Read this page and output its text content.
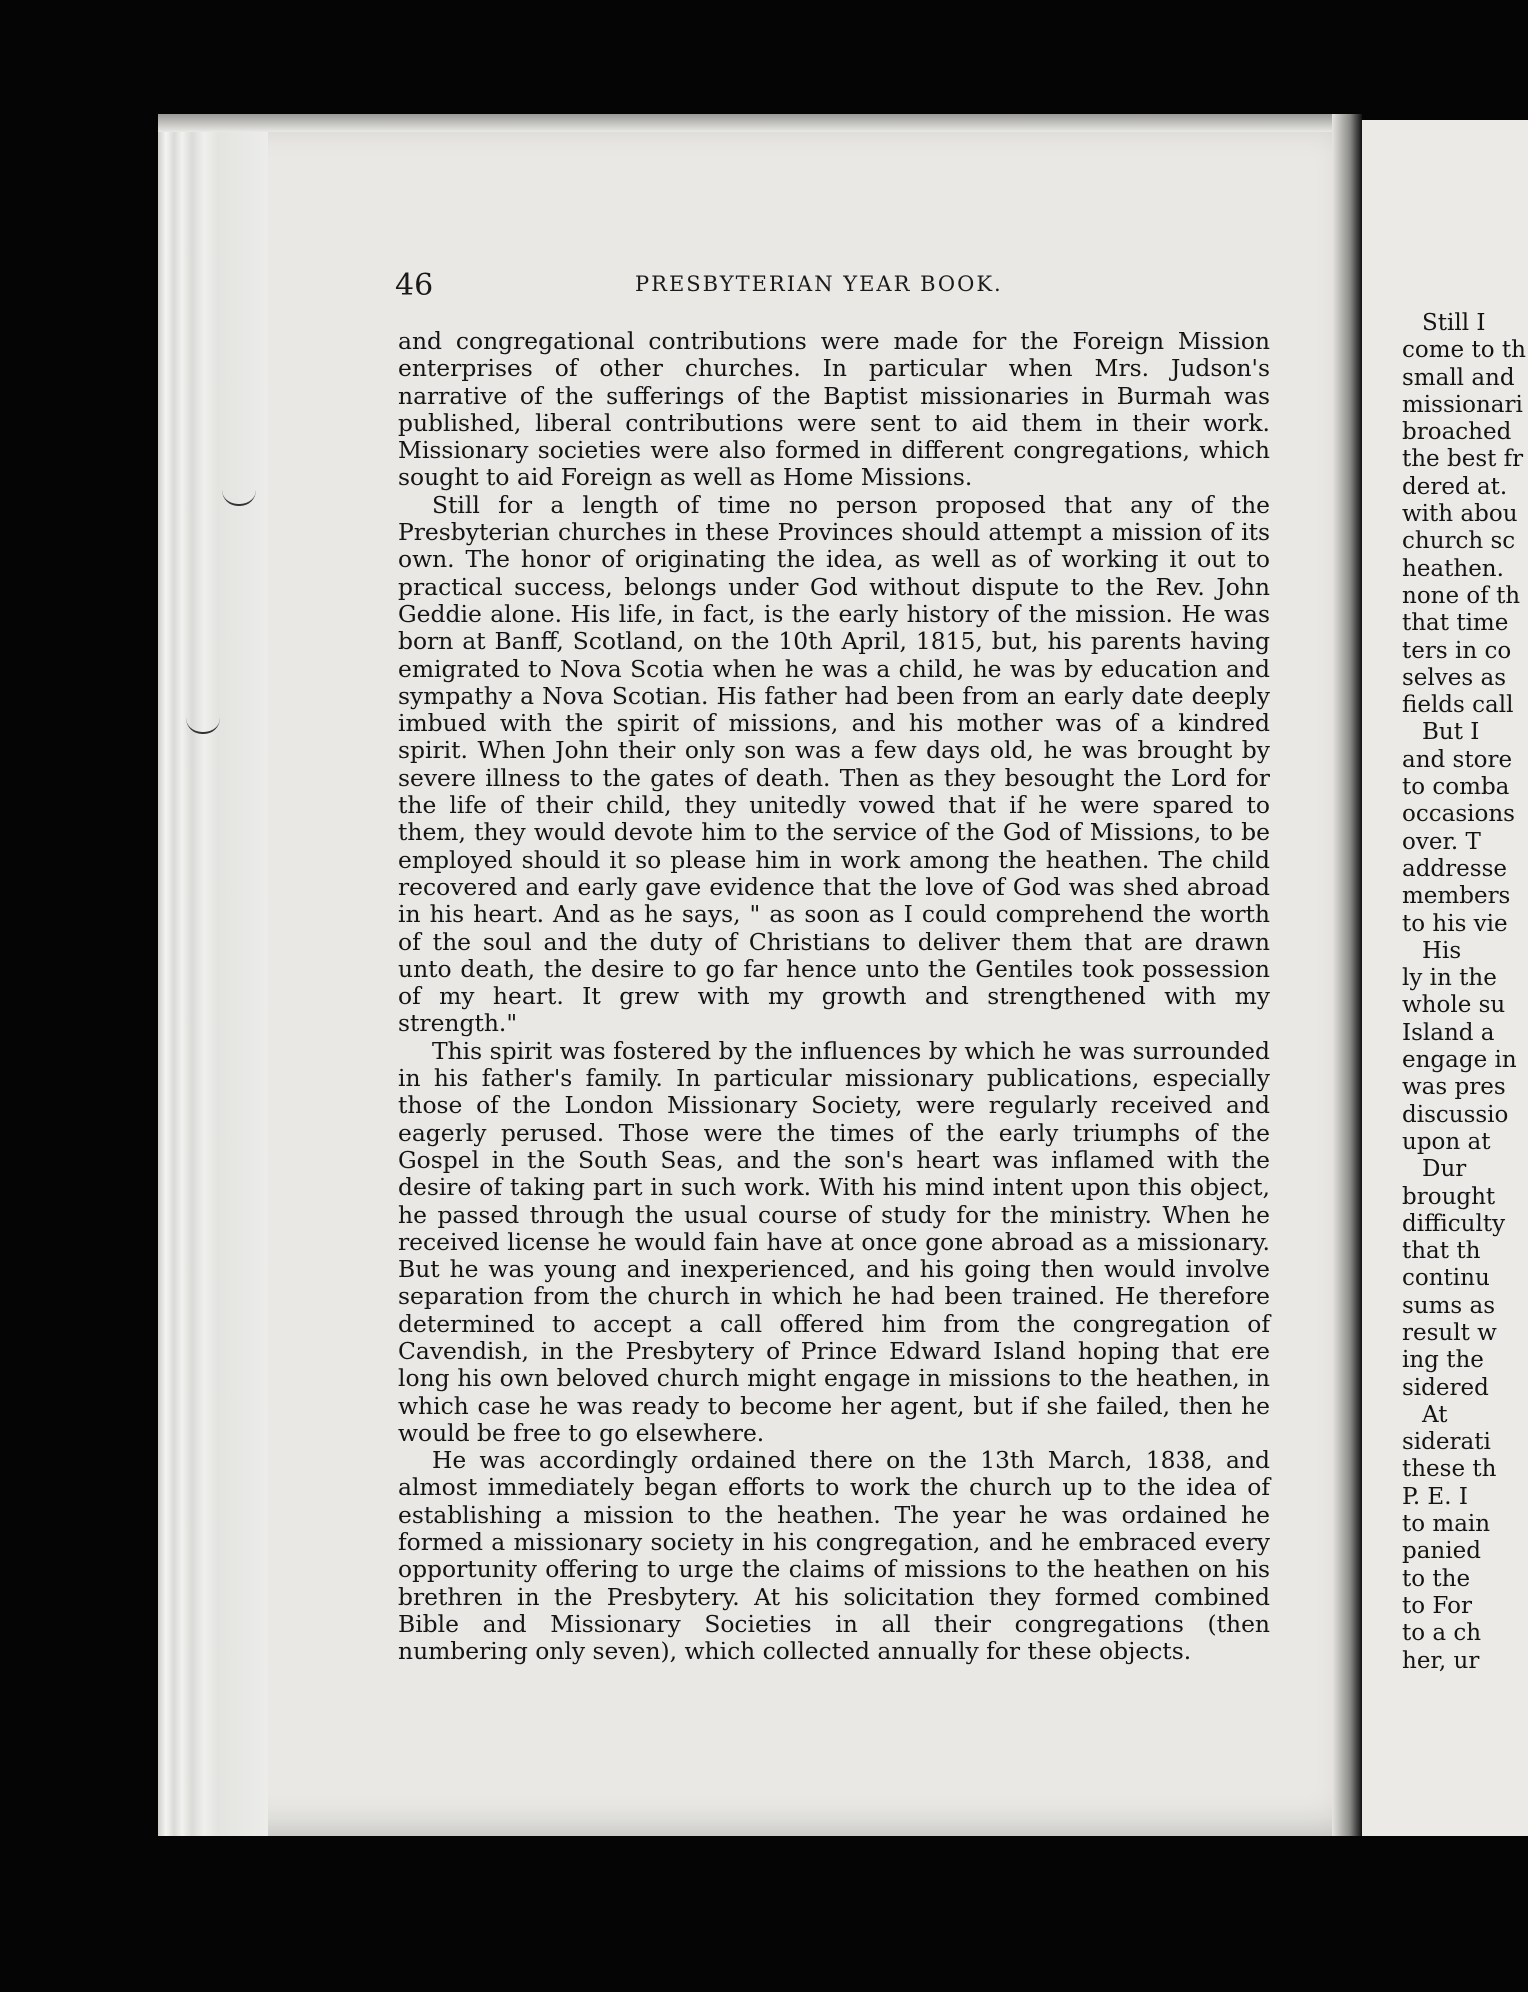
Still I
come to th
small and
missionari
broached
the best fr
dered at.
with abou
church sc
heathen.
none of th
that time
ters in co
selves as
fields call
But I
and store
to comba
occasions
over. T
addresse
members
to his vie
His
ly in the
whole su
Island a
engage in
was pres
discussio
upon at
Dur
brought
difficulty
that th
continu
sums as
result w
ing the
sidered
At
siderati
these th
P. E. I
to main
panied
to the
to For
to a ch
her, ur
46	PRESBYTERIAN YEAR BOOK.

and congregational contributions were made for the Foreign Mission enterprises of other churches. In particular when Mrs. Judson's narrative of the sufferings of the Baptist missionaries in Burmah was published, liberal contributions were sent to aid them in their work. Missionary societies were also formed in different congregations, which sought to aid Foreign as well as Home Missions.

Still for a length of time no person proposed that any of the Presbyterian churches in these Provinces should attempt a mission of its own. The honor of originating the idea, as well as of working it out to practical success, belongs under God without dispute to the Rev. John Geddie alone. His life, in fact, is the early history of the mission. He was born at Banff, Scotland, on the 10th April, 1815, but, his parents having emigrated to Nova Scotia when he was a child, he was by education and sympathy a Nova Scotian. His father had been from an early date deeply imbued with the spirit of missions, and his mother was of a kindred spirit. When John their only son was a few days old, he was brought by severe illness to the gates of death. Then as they besought the Lord for the life of their child, they unitedly vowed that if he were spared to them, they would devote him to the service of the God of Missions, to be employed should it so please him in work among the heathen. The child recovered and early gave evidence that the love of God was shed abroad in his heart. And as he says, " as soon as I could comprehend the worth of the soul and the duty of Christians to deliver them that are drawn unto death, the desire to go far hence unto the Gentiles took possession of my heart. It grew with my growth and strengthened with my strength."

This spirit was fostered by the influences by which he was surrounded in his father's family. In particular missionary publications, especially those of the London Missionary Society, were regularly received and eagerly perused. Those were the times of the early triumphs of the Gospel in the South Seas, and the son's heart was inflamed with the desire of taking part in such work. With his mind intent upon this object, he passed through the usual course of study for the ministry. When he received license he would fain have at once gone abroad as a missionary. But he was young and inexperienced, and his going then would involve separation from the church in which he had been trained. He therefore determined to accept a call offered him from the congregation of Cavendish, in the Presbytery of Prince Edward Island hoping that ere long his own beloved church might engage in missions to the heathen, in which case he was ready to become her agent, but if she failed, then he would be free to go elsewhere.

He was accordingly ordained there on the 13th March, 1838, and almost immediately began efforts to work the church up to the idea of establishing a mission to the heathen. The year he was ordained he formed a missionary society in his congregation, and he embraced every opportunity offering to urge the claims of missions to the heathen on his brethren in the Presbytery. At his solicitation they formed combined Bible and Missionary Societies in all their congregations (then numbering only seven), which collected annually for these objects.
